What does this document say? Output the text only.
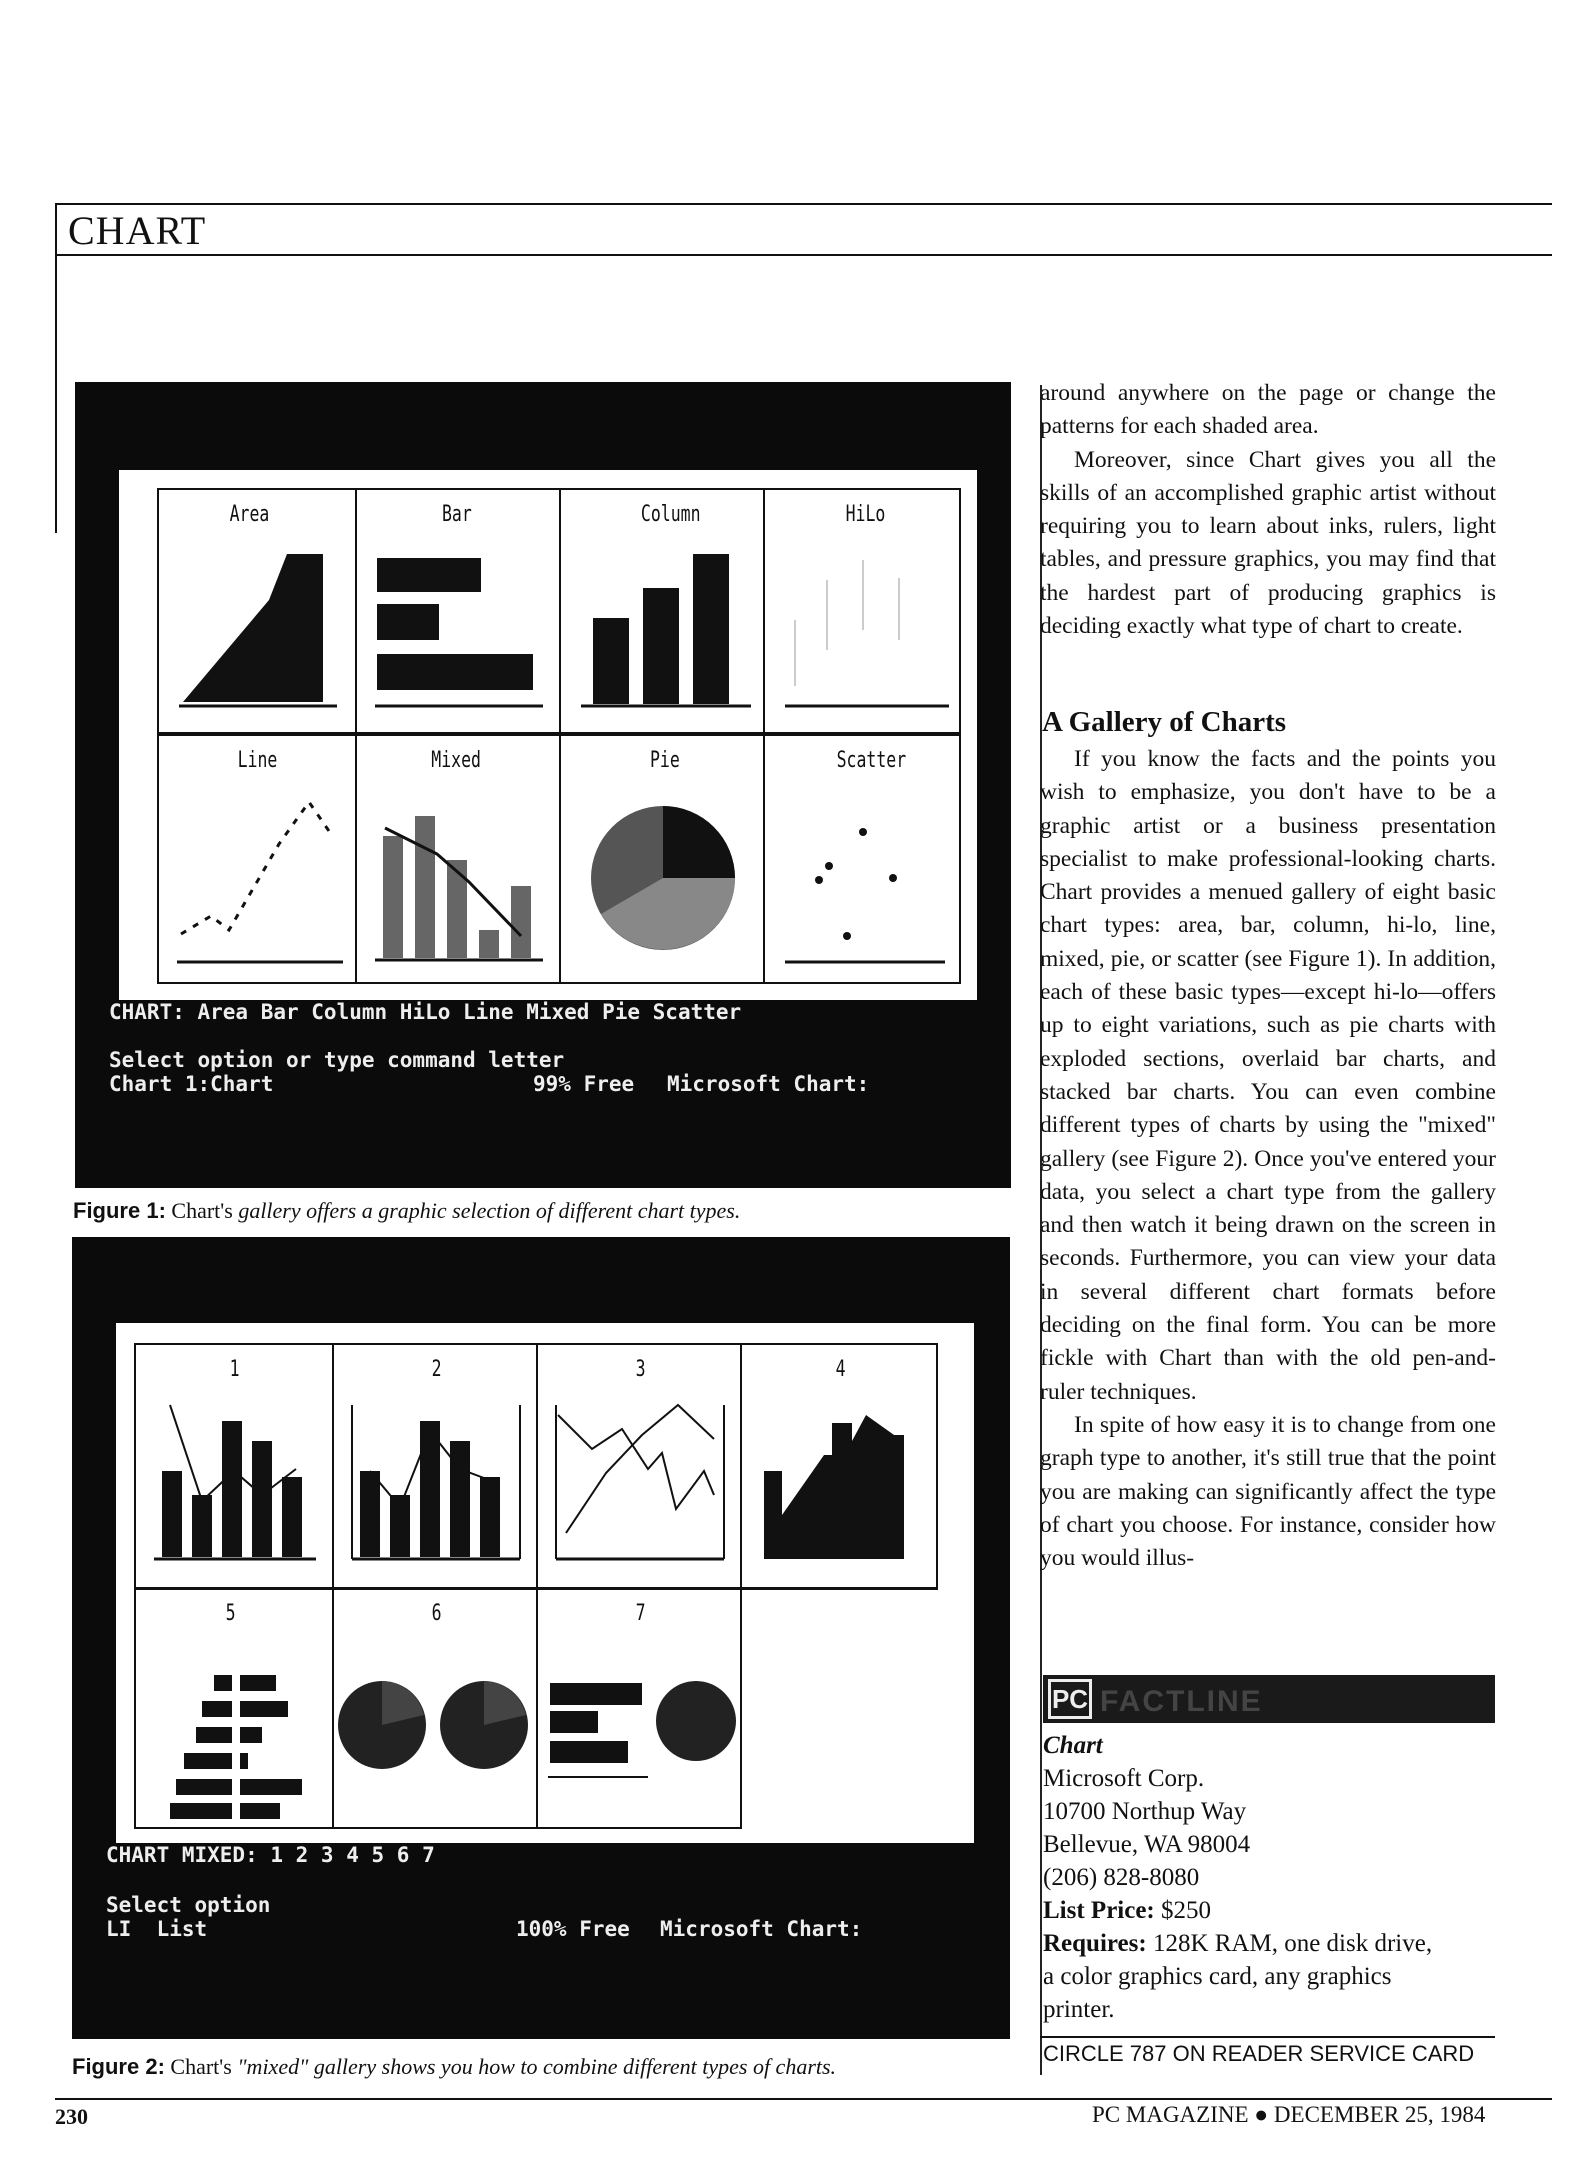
CHART
Area	Bar	Column	HiLo
Line	Mixed	Pie	Scatter
CHART: Area Bar Column HiLo Line Mixed Pie Scatter
Select option or type command letter
Chart 1:Chart	99% Free Microsoft Chart:
Figure 1: Chart's gallery offers a graphic selection of different chart types.
1	2	3	4
5	6	7
CHART MIXED: 1 2 3 4 5 6 7
Select option
LI  List	100% Free Microsoft Chart:
Figure 2: Chart's "mixed" gallery shows you how to combine different types of charts.

around anywhere on the page or change the patterns for each shaded area.

Moreover, since Chart gives you all the skills of an accomplished graphic artist without requiring you to learn about inks, rulers, light tables, and pressure graphics, you may find that the hardest part of producing graphics is deciding exactly what type of chart to create.

A Gallery of Charts

If you know the facts and the points you wish to emphasize, you don't have to be a graphic artist or a business presentation specialist to make professional-looking charts. Chart provides a menued gallery of eight basic chart types: area, bar, column, hi-lo, line, mixed, pie, or scatter (see Figure 1). In addition, each of these basic types—except hi-lo—offers up to eight variations, such as pie charts with exploded sections, overlaid bar charts, and stacked bar charts. You can even combine different types of charts by using the "mixed" gallery (see Figure 2). Once you've entered your data, you select a chart type from the gallery and then watch it being drawn on the screen in seconds. Furthermore, you can view your data in several different chart formats before deciding on the final form. You can be more fickle with Chart than with the old pen-and-ruler techniques.

In spite of how easy it is to change from one graph type to another, it's still true that the point you are making can significantly affect the type of chart you choose. For instance, consider how you would illus-

PC FACTLINE
Chart
Microsoft Corp.
10700 Northup Way
Bellevue, WA 98004
(206) 828-8080
List Price: $250
Requires: 128K RAM, one disk drive,
a color graphics card, any graphics
printer.
CIRCLE 787 ON READER SERVICE CARD
230	PC MAGAZINE ● DECEMBER 25, 1984
